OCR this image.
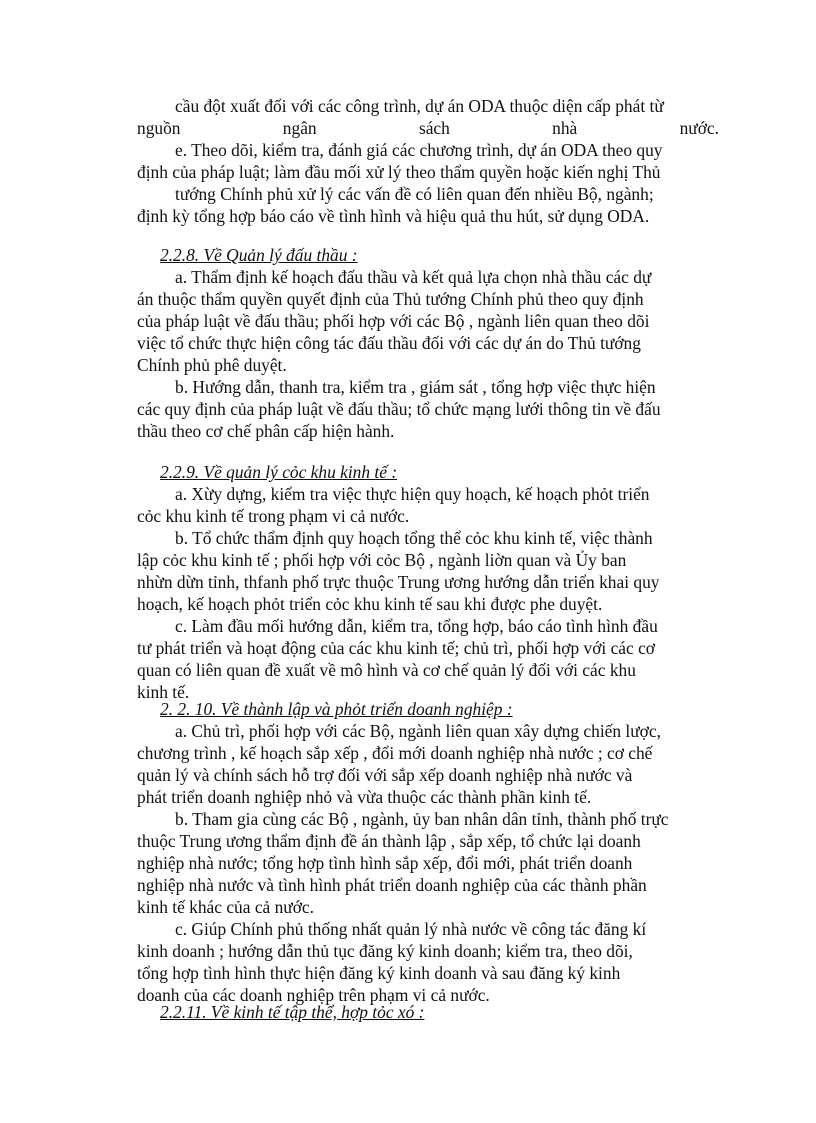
cầu đột xuất đối với các công trình, dự án ODA thuộc diện cấp phát từ
nguồn ngân sách nhà nước.
e. Theo dõi, kiểm tra, đánh giá các chương trình, dự án ODA theo quy
định của pháp luật; làm đầu mối xử lý theo thẩm quyền hoặc kiến nghị Thủ
tướng Chính phủ xử lý các vấn đề có liên quan đến nhiều Bộ, ngành;
định kỳ tổng hợp báo cáo về tình hình và hiệu quả thu hút, sử dụng ODA.
2.2.8. Về Quản lý đấu thầu :
a. Thẩm định kế hoạch đấu thầu và kết quả lựa chọn nhà thầu các dự
án thuộc thẩm quyền quyết định của Thủ tướng Chính phủ theo quy định
của pháp luật về đấu thầu; phối hợp với các Bộ , ngành liên quan theo dõi
việc tổ chức thực hiện công tác đấu thầu đối với các dự án do Thủ tướng
Chính phủ phê duyệt.
b. Hướng dẫn, thanh tra, kiểm tra , giám sát , tổng hợp việc thực hiện
các quy định của pháp luật về đấu thầu; tổ chức mạng lưới thông tin về đấu
thầu theo cơ chế phân cấp hiện hành.
2.2.9. Về quản lý cỏc khu kinh tế :
a. Xừy dựng, kiểm tra việc thực hiện quy hoạch, kế hoạch phỏt triển
cỏc khu kinh tế trong phạm vi cả nước.
b. Tổ chức thẩm định quy hoạch tổng thể cỏc khu kinh tế, việc thành
lập cỏc khu kinh tế ; phối hợp với cỏc Bộ , ngành liờn quan và Ủy ban
nhừn dừn tỉnh, thfanh phố trực thuộc Trung ương hướng dẫn triển khai quy
hoạch, kế hoạch phỏt triển cỏc khu kinh tế sau khi được phe duyệt.
c. Làm đầu mối hướng dẫn, kiểm tra, tổng hợp, báo cáo tình hình đầu
tư phát triển và hoạt động của các khu kinh tế; chủ trì, phối hợp với các cơ
quan có liên quan đề xuất về mô hình và cơ chế quản lý đối với các khu
kinh tế.
2. 2. 10. Về thành lập và phỏt triển doanh nghiệp :
a. Chủ trì, phối hợp với các Bộ, ngành liên quan xây dựng chiến lược,
chương trình , kế hoạch sắp xếp , đổi mới doanh nghiệp nhà nước ; cơ chế
quản lý và chính sách hỗ trợ đối với sắp xếp doanh nghiệp nhà nước và
phát triển doanh nghiệp nhỏ và vừa thuộc các thành phần kinh tế.
b. Tham gia cùng các Bộ , ngành, ủy ban nhân dân tỉnh, thành phố trực
thuộc Trung ương thẩm định đề án thành lập , sắp xếp, tổ chức lại doanh
nghiệp nhà nước; tổng hợp tình hình sắp xếp, đổi mới, phát triển doanh
nghiệp nhà nước và tình hình phát triển doanh nghiệp của các thành phần
kinh tế khác của cả nước.
c. Giúp Chính phủ thống nhất quản lý nhà nước về công tác đăng kí
kinh doanh ; hướng dẫn thủ tục đăng ký kinh doanh; kiểm tra, theo dõi,
tổng hợp tình hình thực hiện đăng ký kinh doanh và sau đăng ký kinh
doanh của các doanh nghiệp trên phạm vi cả nước.
2.2.11. Về kinh tế tập thể, hợp tỏc xó :
